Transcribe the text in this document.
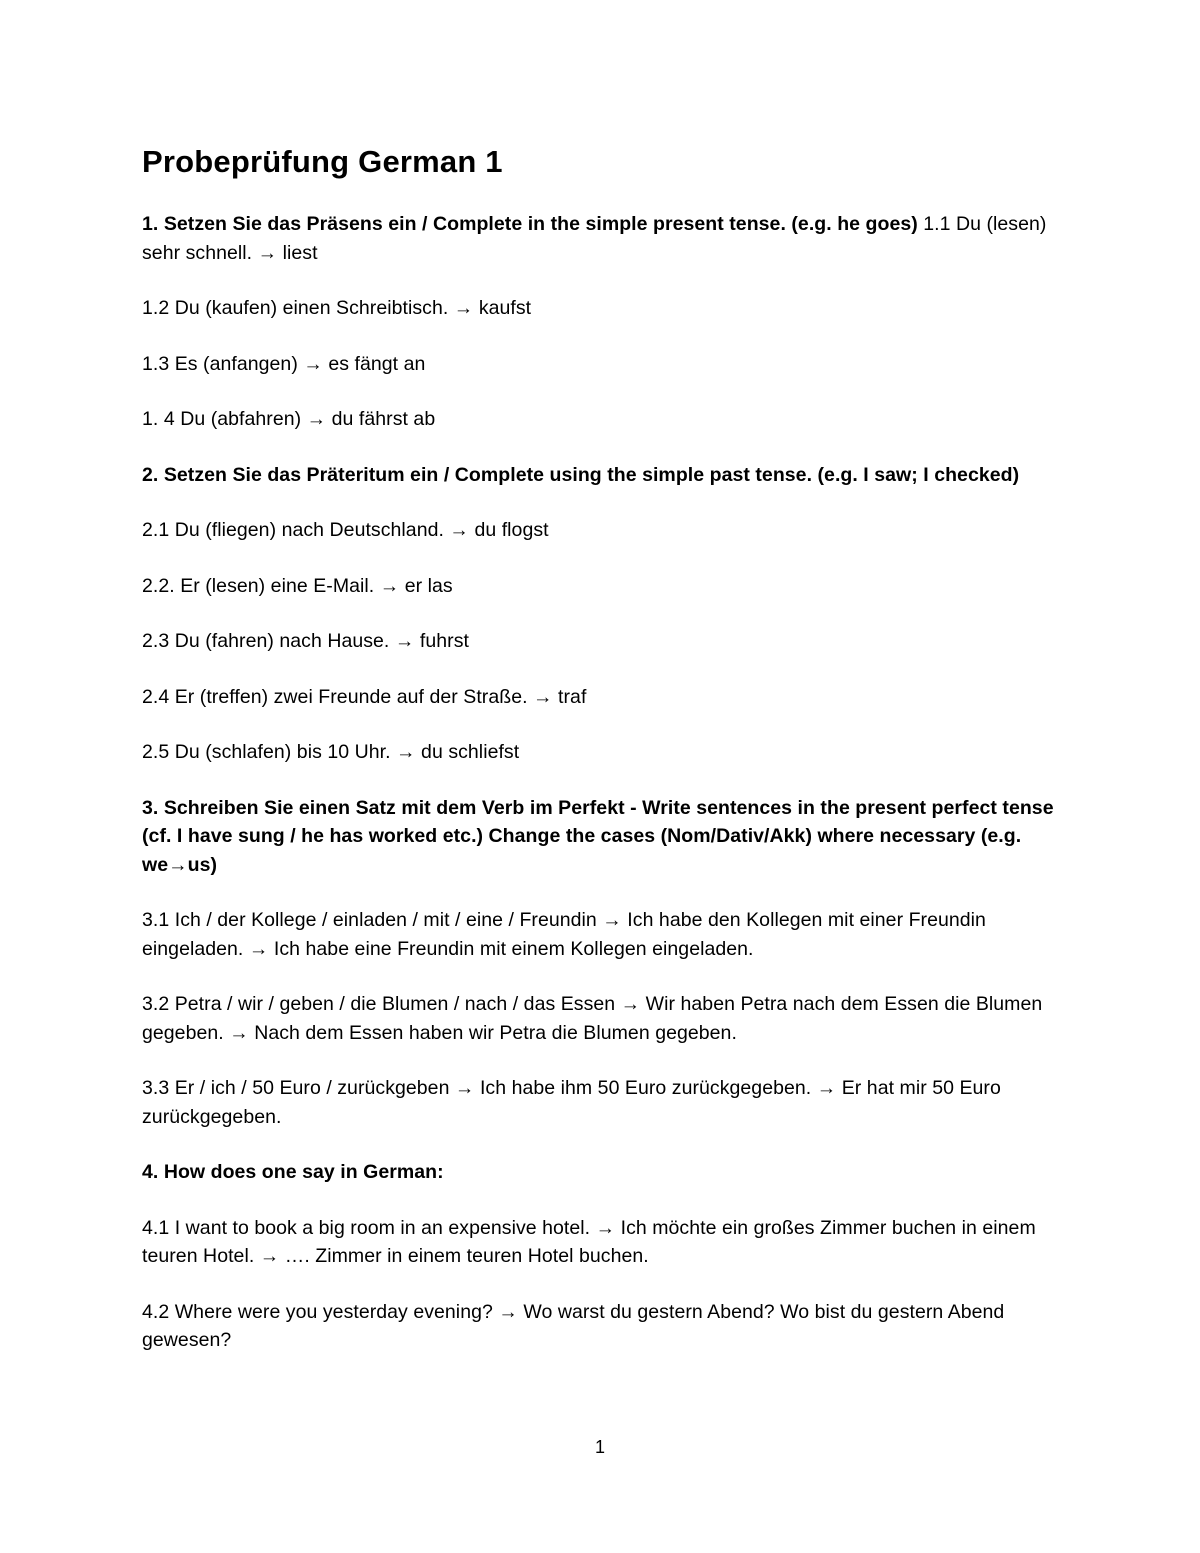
Probeprüfung German 1
1. Setzen Sie das Präsens ein / Complete in the simple present tense. (e.g. he goes) 1.1 Du (lesen) sehr schnell. → liest
1.2 Du (kaufen) einen Schreibtisch. → kaufst
1.3 Es (anfangen) → es fängt an
1. 4 Du (abfahren) → du fährst ab
2. Setzen Sie das Präteritum ein / Complete using the simple past tense. (e.g. I saw; I checked)
2.1 Du (fliegen) nach Deutschland. → du flogst
2.2. Er (lesen) eine E-Mail. → er las
2.3 Du (fahren) nach Hause. → fuhrst
2.4 Er (treffen) zwei Freunde auf der Straße. → traf
2.5 Du (schlafen) bis 10 Uhr. → du schliefst
3. Schreiben Sie einen Satz mit dem Verb im Perfekt - Write sentences in the present perfect tense (cf. I have sung / he has worked etc.) Change the cases (Nom/Dativ/Akk) where necessary (e.g. we→us)
3.1 Ich / der Kollege / einladen / mit / eine / Freundin → Ich habe den Kollegen mit einer Freundin eingeladen. → Ich habe eine Freundin mit einem Kollegen eingeladen.
3.2 Petra / wir / geben / die Blumen / nach / das Essen → Wir haben Petra nach dem Essen die Blumen gegeben. → Nach dem Essen haben wir Petra die Blumen gegeben.
3.3 Er / ich / 50 Euro / zurückgeben → Ich habe ihm 50 Euro zurückgegeben. → Er hat mir 50 Euro zurückgegeben.
4. How does one say in German:
4.1 I want to book a big room in an expensive hotel. → Ich möchte ein großes Zimmer buchen in einem teuren Hotel. → …. Zimmer in einem teuren Hotel buchen.
4.2 Where were you yesterday evening? → Wo warst du gestern Abend? Wo bist du gestern Abend gewesen?
1
